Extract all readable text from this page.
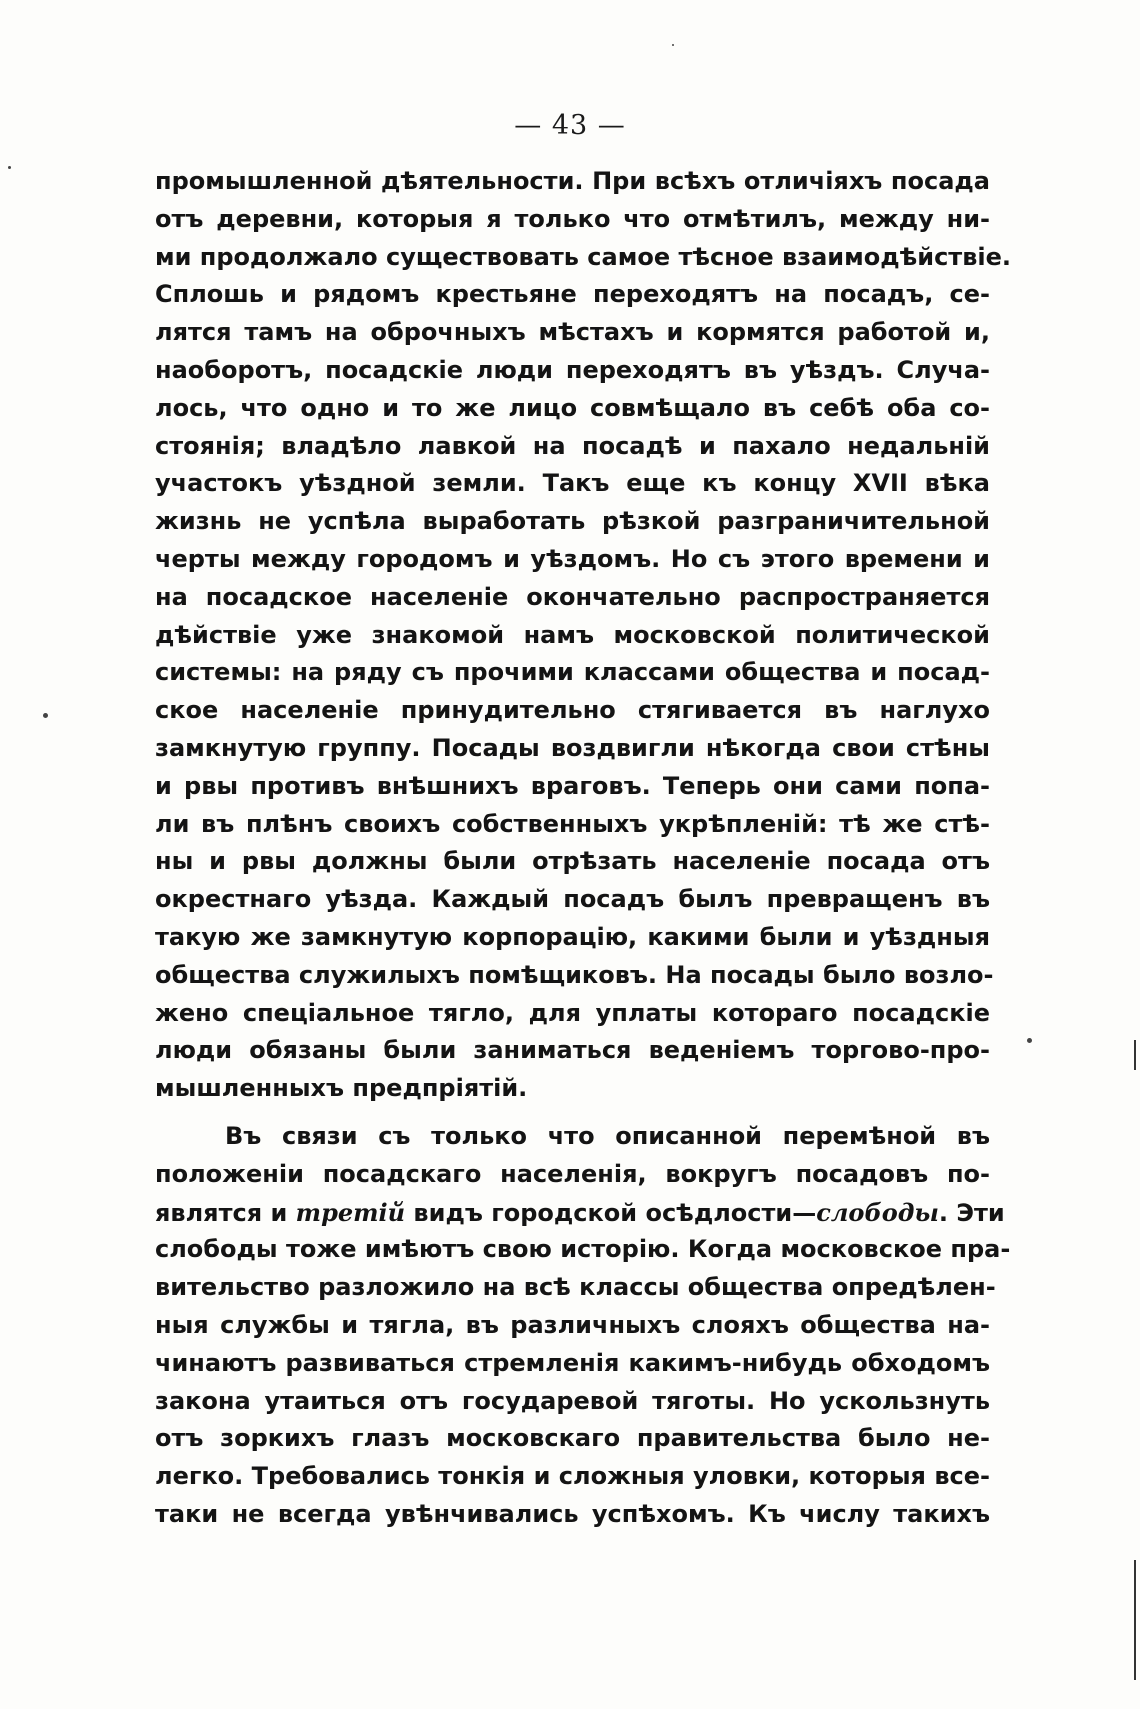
— 43 —
промышленной дѣятельности. При всѣхъ отличіяхъ посада
отъ деревни, которыя я только что отмѣтилъ, между ни-
ми продолжало существовать самое тѣсное взаимодѣйствіе.
Сплошь и рядомъ крестьяне переходятъ на посадъ, се-
лятся тамъ на оброчныхъ мѣстахъ и кормятся работой и,
наоборотъ, посадскіе люди переходятъ въ уѣздъ. Случа-
лось, что одно и то же лицо совмѣщало въ себѣ оба со-
стоянія; владѣло лавкой на посадѣ и пахало недальній
участокъ уѣздной земли. Такъ еще къ концу XVII вѣка
жизнь не успѣла выработать рѣзкой разграничительной
черты между городомъ и уѣздомъ. Но съ этого времени и
на посадское населеніе окончательно распространяется
дѣйствіе уже знакомой намъ московской политической
системы: на ряду съ прочими классами общества и посад-
ское населеніе принудительно стягивается въ наглухо
замкнутую группу. Посады воздвигли нѣкогда свои стѣны
и рвы противъ внѣшнихъ враговъ. Теперь они сами попа-
ли въ плѣнъ своихъ собственныхъ укрѣпленій: тѣ же стѣ-
ны и рвы должны были отрѣзать населеніе посада отъ
окрестнаго уѣзда. Каждый посадъ былъ превращенъ въ
такую же замкнутую корпорацію, какими были и уѣздныя
общества служилыхъ помѣщиковъ. На посады было возло-
жено спеціальное тягло, для уплаты котораго посадскіе
люди обязаны были заниматься веденіемъ торгово-про-
мышленныхъ предпріятій.
Въ связи съ только что описанной перемѣной въ
положеніи посадскаго населенія, вокругъ посадовъ по-
являтся и третій видъ городской осѣдлости—слободы. Эти
слободы тоже имѣютъ свою исторію. Когда московское пра-
вительство разложило на всѣ классы общества опредѣлен-
ныя службы и тягла, въ различныхъ слояхъ общества на-
чинаютъ развиваться стремленія какимъ-нибудь обходомъ
закона утаиться отъ государевой тяготы. Но ускользнуть
отъ зоркихъ глазъ московскаго правительства было не-
легко. Требовались тонкія и сложныя уловки, которыя все-
таки не всегда увѣнчивались успѣхомъ. Къ числу такихъ
